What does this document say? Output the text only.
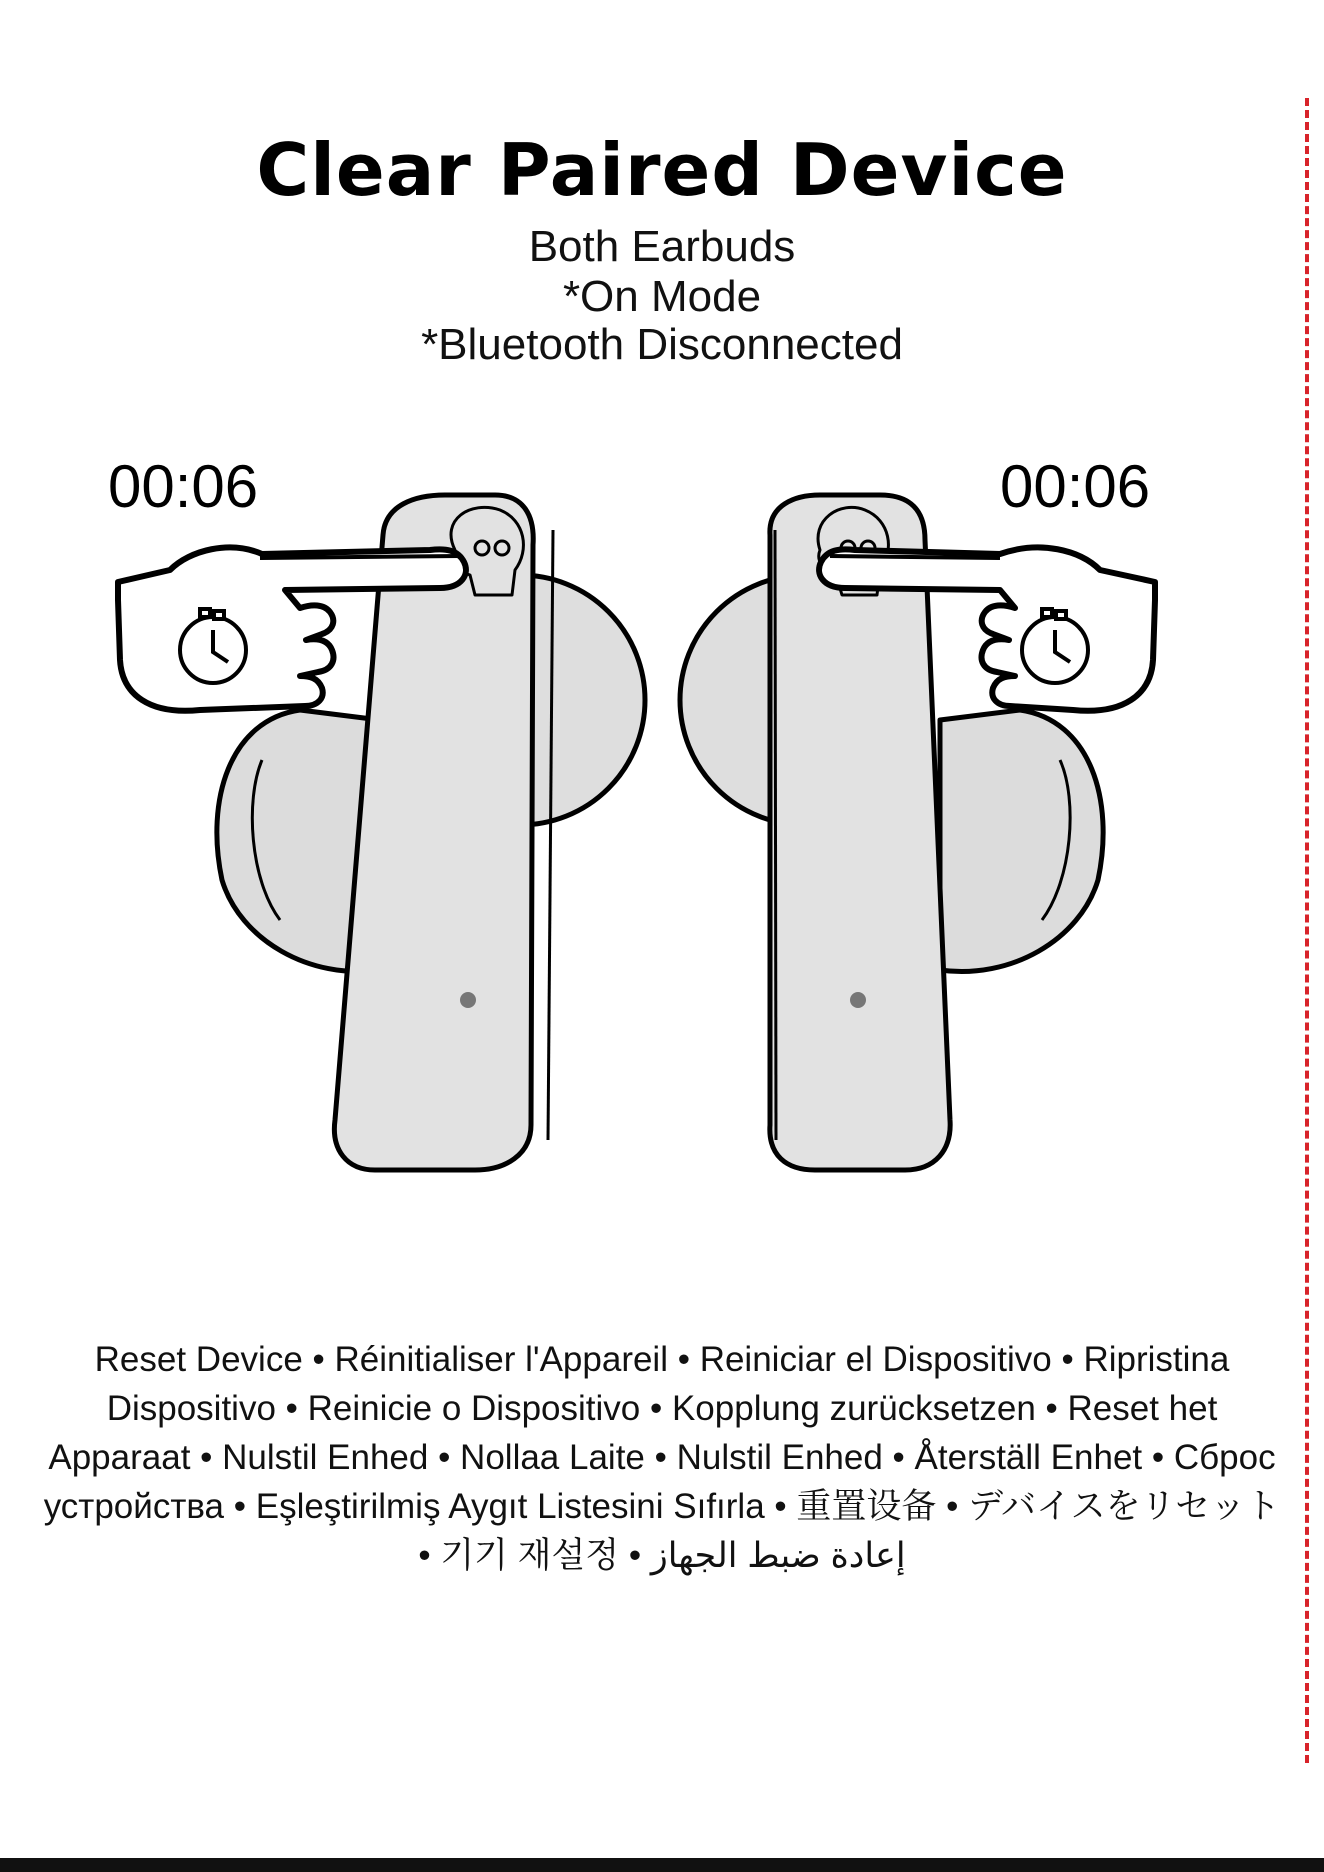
Clear Paired Device
Both Earbuds
*On Mode
*Bluetooth Disconnected
00:06	00:06
Reset Device • Réinitialiser l'Appareil • Reiniciar el Dispositivo • Ripristina Dispositivo • Reinicie o Dispositivo • Kopplung zurücksetzen • Reset het Apparaat • Nulstil Enhed • Nollaa Laite • Nulstil Enhed • Återställ Enhet • Сброс устройства • Eşleştirilmiş Aygıt Listesini Sıfırla • 重置设备 • デバイスをリセット • 기기 재설정 • إعادة ضبط الجهاز
